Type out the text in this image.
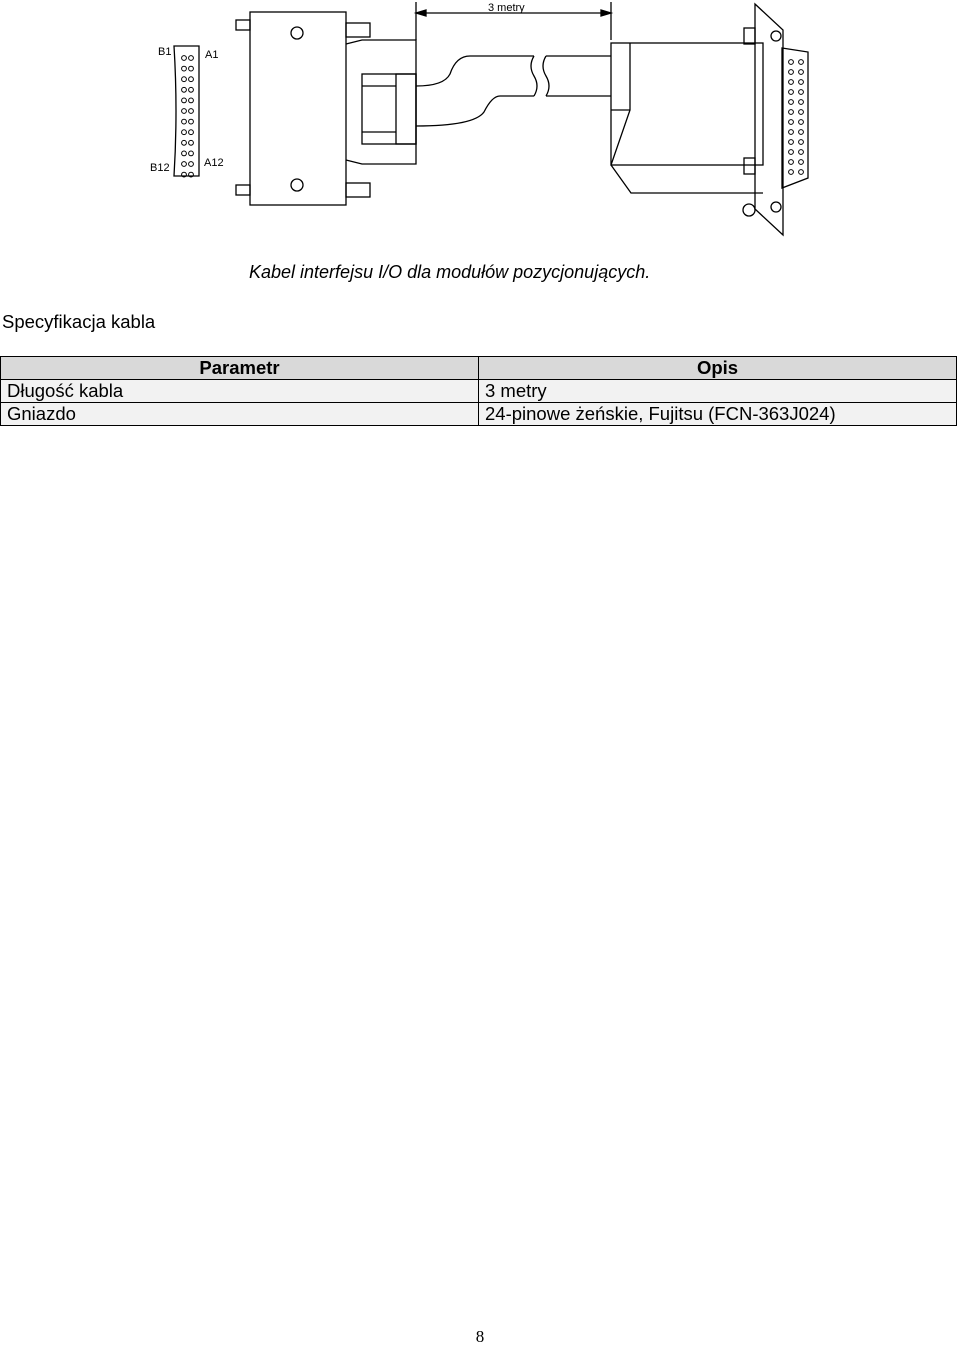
3 metry
B1	A1
B12	A12
Kabel interfejsu I/O dla modułów pozycjonujących.
Specyfikacja kabla
Parametr	Opis
Długość kabla	3 metry
Gniazdo	24-pinowe żeńskie, Fujitsu (FCN-363J024)
8
